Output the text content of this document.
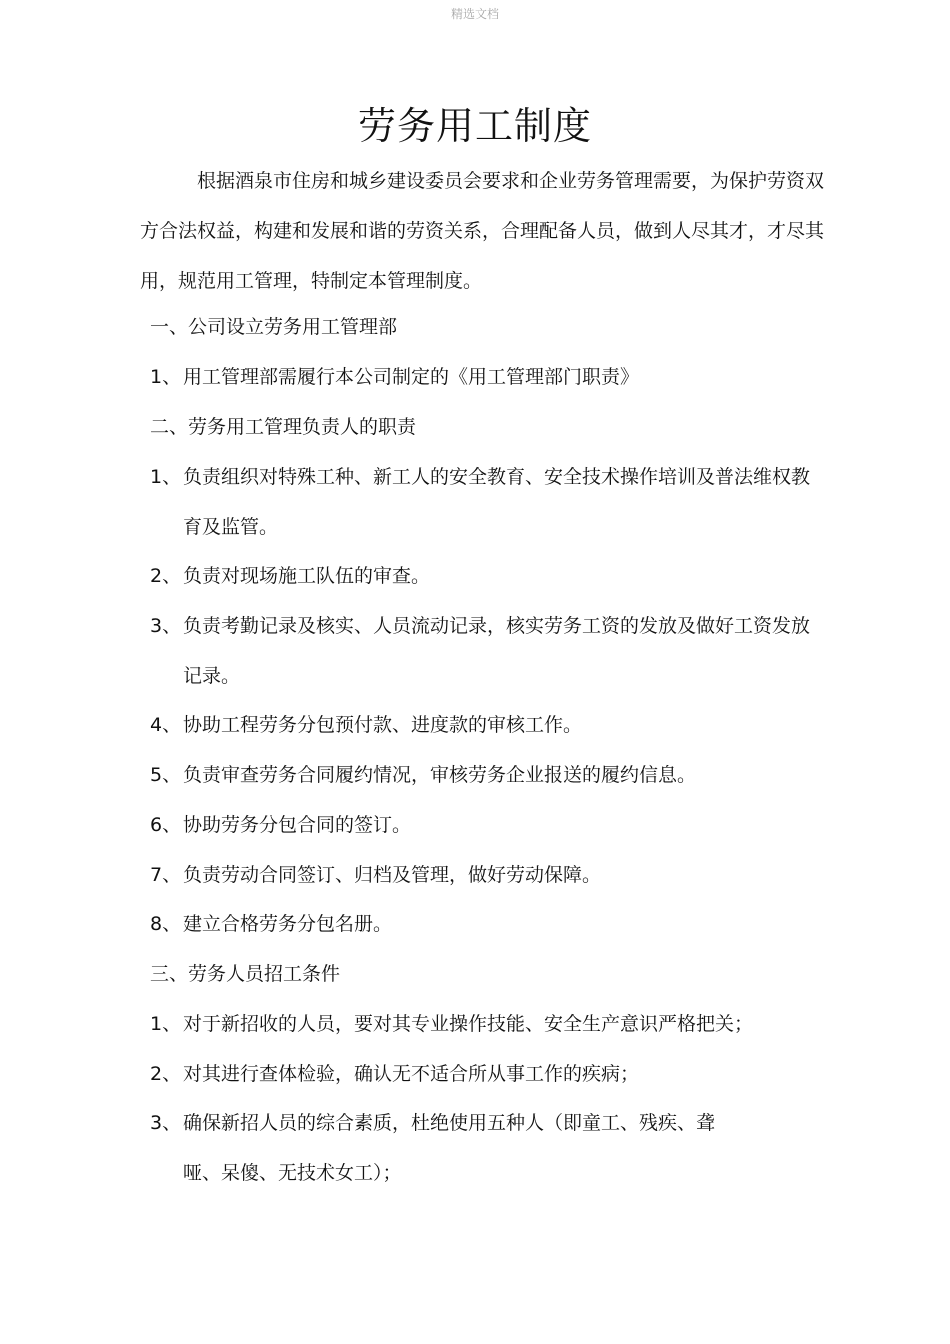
精选文档
劳务用工制度
根据酒泉市住房和城乡建设委员会要求和企业劳务管理需要，为保护劳资双方合法权益，构建和发展和谐的劳资关系，合理配备人员，做到人尽其才，才尽其用，规范用工管理，特制定本管理制度。
一、公司设立劳务用工管理部
1、 用工管理部需履行本公司制定的《用工管理部门职责》
二、劳务用工管理负责人的职责
1、 负责组织对特殊工种、新工人的安全教育、安全技术操作培训及普法维权教育及监管。
2、 负责对现场施工队伍的审查。
3、 负责考勤记录及核实、人员流动记录，核实劳务工资的发放及做好工资发放记录。
4、 协助工程劳务分包预付款、进度款的审核工作。
5、 负责审查劳务合同履约情况，审核劳务企业报送的履约信息。
6、 协助劳务分包合同的签订。
7、 负责劳动合同签订、归档及管理，做好劳动保障。
8、 建立合格劳务分包名册。
三、劳务人员招工条件
1、 对于新招收的人员，要对其专业操作技能、安全生产意识严格把关；
2、 对其进行查体检验，确认无不适合所从事工作的疾病；
3、 确保新招人员的综合素质，杜绝使用五种人（即童工、残疾、聋哑、呆傻、无技术女工）；
